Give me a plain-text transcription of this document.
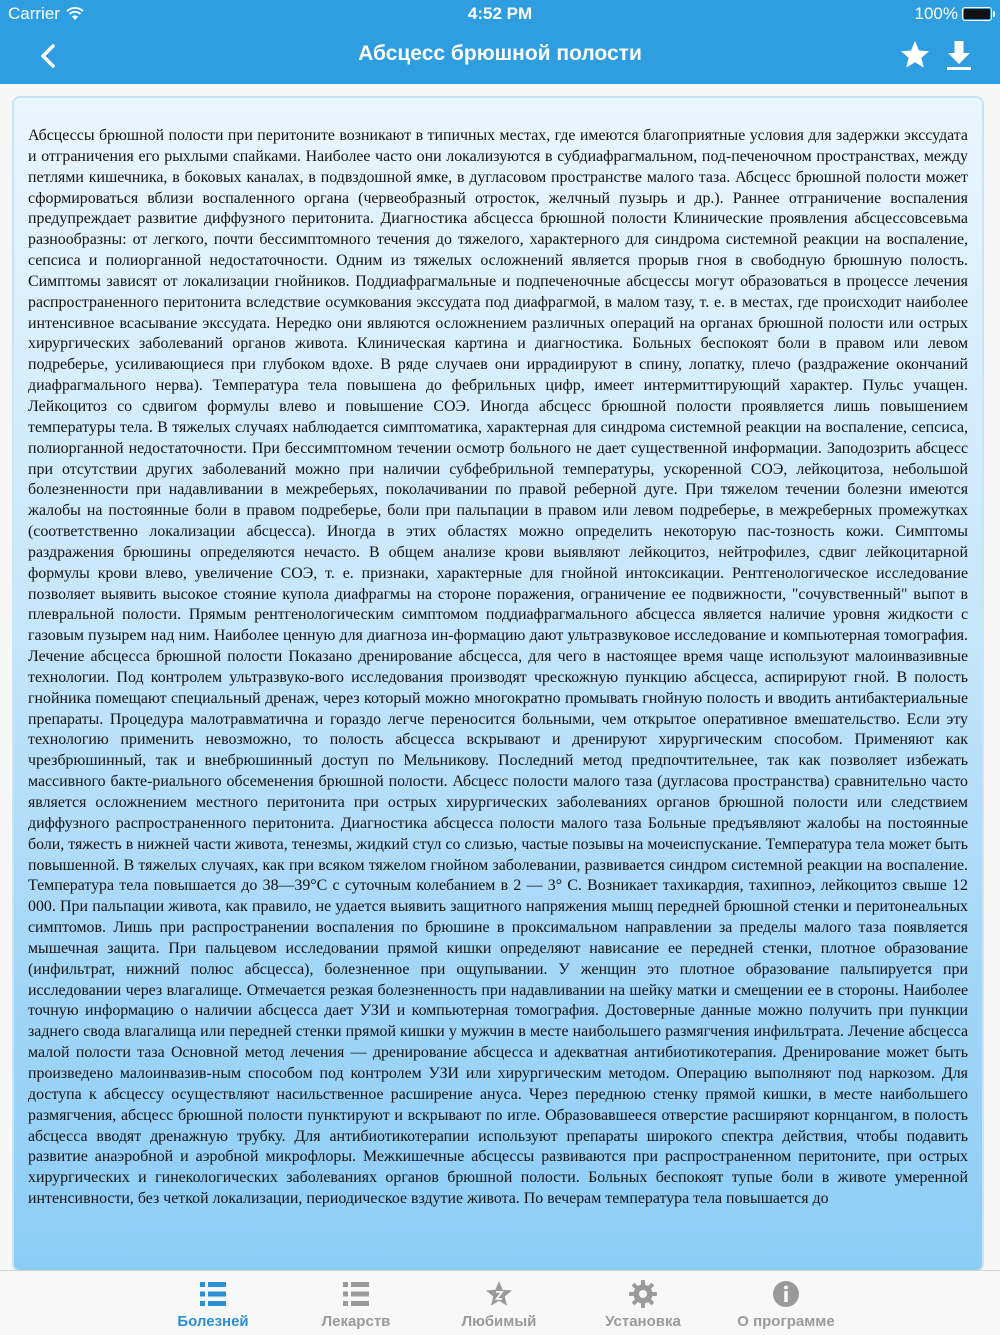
Carrier	4:52 PM	100%
Абсцесс брюшной полости
Абсцессы брюшной полости при перитоните возникают в типичных местах, где имеются благоприятные условия для задержки экссудата и отграничения его рыхлыми спайками. Наиболее часто они локализуются в субдиафрагмальном, под-печеночном пространствах, между петлями кишечника, в боковых каналах, в подвздошной ямке, в дугласовом пространстве малого таза. Абсцесс брюшной полости может сформироваться вблизи воспаленного органа (червеобразный отросток, желчный пузырь и др.). Раннее отграничение воспаления предупреждает развитие диффузного перитонита. Диагностика абсцесса брюшной полости Клинические проявления абсцессовсевьма разнообразны: от легкого, почти бессимптомного течения до тяжелого, характерного для синдрома системной реакции на воспаление, сепсиса и полиорганной недостаточности. Одним из тяжелых осложнений является прорыв гноя в свободную брюшную полость. Симптомы зависят от локализации гнойников. Поддиафрагмальные и подпеченочные абсцессы могут образоваться в процессе лечения распространенного перитонита вследствие осумкования экссудата под диафрагмой, в малом тазу, т. е. в местах, где происходит наиболее интенсивное всасывание экссудата. Нередко они являются осложнением различных операций на органах брюшной полости или острых хирургических заболеваний органов живота. Клиническая картина и диагностика. Больных беспокоят боли в правом или левом подреберье, усиливающиеся при глубоком вдохе. В ряде случаев они иррадиируют в спину, лопатку, плечо (раздражение окончаний диафрагмального нерва). Температура тела повышена до фебрильных цифр, имеет интермиттирующий характер. Пульс учащен. Лейкоцитоз со сдвигом формулы влево и повышение СОЭ. Иногда абсцесс брюшной полости проявляется лишь повышением температуры тела. В тяжелых случаях наблюдается симптоматика, характерная для синдрома системной реакции на воспаление, сепсиса, полиорганной недостаточности. При бессимптомном течении осмотр больного не дает существенной информации. Заподозрить абсцесс при отсутствии других заболеваний можно при наличии субфебрильной температуры, ускоренной СОЭ, лейкоцитоза, небольшой болезненности при надавливании в межреберьях, поколачивании по правой реберной дуге. При тяжелом течении болезни имеются жалобы на постоянные боли в правом подреберье, боли при пальпации в правом или левом подреберье, в межреберных промежутках (соответственно локализации абсцесса). Иногда в этих областях можно определить некоторую пас-тозность кожи. Симптомы раздражения брюшины определяются нечасто. В общем анализе крови выявляют лейкоцитоз, нейтрофилез, сдвиг лейкоцитарной формулы крови влево, увеличение СОЭ, т. е. признаки, характерные для гнойной интоксикации. Рентгенологическое исследование позволяет выявить высокое стояние купола диафрагмы на стороне поражения, ограничение ее подвижности, "сочувственный" выпот в плевральной полости. Прямым рентгенологическим симптомом поддиафрагмального абсцесса является наличие уровня жидкости с газовым пузырем над ним. Наиболее ценную для диагноза ин-формацию дают ультразвуковое исследование и компьютерная томография. Лечение абсцесса брюшной полости Показано дренирование абсцесса, для чего в настоящее время чаще используют малоинвазивные технологии. Под контролем ультразвуко-вого исследования производят чрескожную пункцию абсцесса, аспирируют гной. В полость гнойника помещают специальный дренаж, через который можно многократно промывать гнойную полость и вводить антибактериальные препараты. Процедура малотравматична и гораздо легче переносится больными, чем открытое оперативное вмешательство. Если эту технологию применить невозможно, то полость абсцесса вскрывают и дренируют хирургическим способом. Применяют как чрезбрюшинный, так и внебрюшинный доступ по Мельникову. Последний метод предпочтительнее, так как позволяет избежать массивного бакте-риального обсеменения брюшной полости. Абсцесс полости малого таза (дугласова пространства) сравнительно часто является осложнением местного перитонита при острых хирургических заболеваниях органов брюшной полости или следствием диффузного распространенного перитонита. Диагностика абсцесса полости малого таза Больные предъявляют жалобы на постоянные боли, тяжесть в нижней части живота, тенезмы, жидкий стул со слизью, частые позывы на мочеиспускание. Температура тела может быть повышенной. В тяжелых случаях, как при всяком тяжелом гнойном заболевании, развивается синдром системной реакции на воспаление. Температура тела повышается до 38—39°С с суточным колебанием в 2 — 3° С. Возникает тахикардия, тахипноэ, лейкоцитоз свыше 12 000. При пальпации живота, как правило, не удается выявить защитного напряжения мышц передней брюшной стенки и перитонеальных симптомов. Лишь при распространении воспаления по брюшине в проксимальном направлении за пределы малого таза появляется мышечная защита. При пальцевом исследовании прямой кишки определяют нависание ее передней стенки, плотное образование (инфильтрат, нижний полюс абсцесса), болезненное при ощупывании. У женщин это плотное образование пальпируется при исследовании через влагалище. Отмечается резкая болезненность при надавливании на шейку матки и смещении ее в стороны. Наиболее точную информацию о наличии абсцесса дает УЗИ и компьютерная томография. Достоверные данные можно получить при пункции заднего свода влагалища или передней стенки прямой кишки у мужчин в месте наибольшего размягчения инфильтрата. Лечение абсцесса малой полости таза Основной метод лечения — дренирование абсцесса и адекватная антибиотикотерапия. Дренирование может быть произведено малоинвазив-ным способом под контролем УЗИ или хирургическим методом. Операцию выполняют под наркозом. Для доступа к абсцессу осуществляют насильственное расширение ануса. Через переднюю стенку прямой кишки, в месте наибольшего размягчения, абсцесс брюшной полости пунктируют и вскрывают по игле. Образовавшееся отверстие расширяют корнцангом, в полость абсцесса вводят дренажную трубку. Для антибиотикотерапии используют препараты широкого спектра действия, чтобы подавить развитие анаэробной и аэробной микрофлоры. Межкишечные абсцессы развиваются при распространенном перитоните, при острых хирургических и гинекологических заболеваниях органов брюшной полости. Больных беспокоят тупые боли в животе умеренной интенсивности, без четкой локализации, периодическое вздутие живота. По вечерам температура тела повышается до
Болезней	Лекарств	Любимый	Установка	О программе
